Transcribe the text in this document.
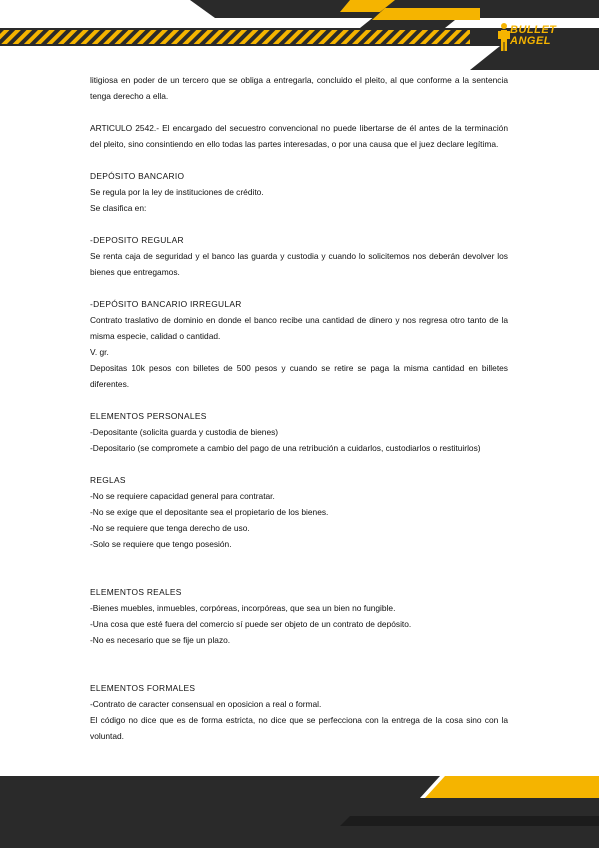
BULLET
ANGEL

litigiosa en poder de un tercero que se obliga a entregarla, concluido el pleito, al que conforme a la sentencia tenga derecho a ella.

ARTICULO 2542.- El encargado del secuestro convencional no puede libertarse de él antes de la terminación del pleito, sino consintiendo en ello todas las partes interesadas, o por una causa que el juez declare legítima.

DEPÓSITO BANCARIO

Se regula por la ley de instituciones de crédito.

Se clasifica en:

-DEPOSITO REGULAR

Se renta caja de seguridad y el banco las guarda y custodia y cuando lo solicitemos nos deberán devolver los bienes que entregamos.

-DEPÓSITO BANCARIO IRREGULAR

Contrato traslativo de dominio en donde el banco recibe una cantidad de dinero y nos regresa otro tanto de la misma especie, calidad o cantidad.

V. gr.

Depositas 10k pesos con billetes de 500 pesos y cuando se retire se paga la misma cantidad en billetes diferentes.

ELEMENTOS PERSONALES

-Depositante (solicita guarda y custodia de bienes)

-Depositario (se compromete a cambio del pago de una retribución a cuidarlos, custodiarlos o restituirlos)

REGLAS

-No se requiere capacidad general para contratar.

-No se exige que el depositante sea el propietario de los bienes.

-No se requiere que tenga derecho de uso.

-Solo se requiere que tengo posesión.

ELEMENTOS REALES

-Bienes muebles, inmuebles, corpóreas, incorpóreas, que sea un bien no fungible.

-Una cosa que esté fuera del comercio sí puede ser objeto de un contrato de depósito.

-No es necesario que se fije un plazo.

ELEMENTOS FORMALES

-Contrato de caracter consensual en oposicion a real o formal.

El código no dice que es de forma estricta, no dice que se perfecciona con la entrega de la cosa sino con la voluntad.
